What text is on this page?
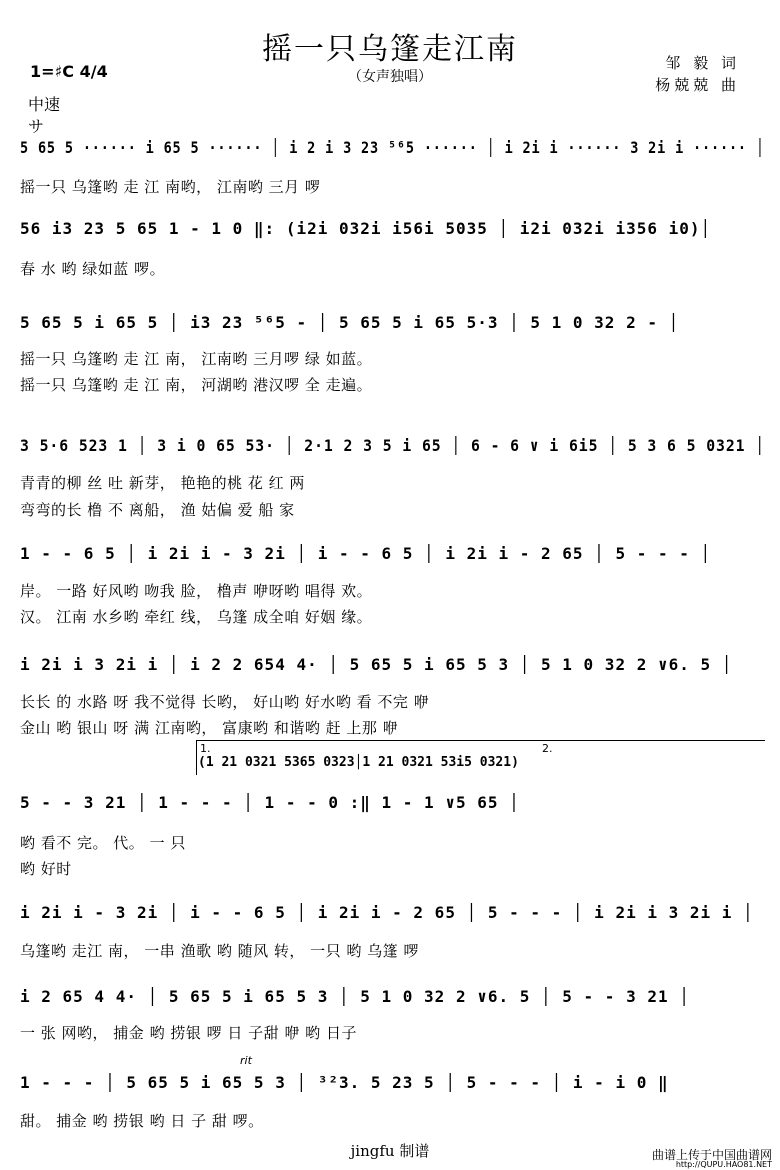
摇一只乌篷走江南
（女声独唱）
邹 毅 词
杨兢兢 曲
1=♯C 4/4
中速
サ
5 65 5 ······ i 65 5 ······ │ i 2 i 3 23 ⁵⁶5 ······ │ i 2i i ······ 3 2i i ······ │
摇一只 乌篷哟 走 江 南哟， 江南哟 三月 啰
56 i3 23 5 65 1 - 1 0 ‖: (i2i 032i i56i 5035 │ i2i 032i i356 i0)│
春 水 哟 绿如蓝 啰。
5 65 5 i 65 5 │ i3 23 ⁵⁶5 - │ 5 65 5 i 65 5·3 │ 5 1 0 32 2 - │
摇一只 乌篷哟 走 江 南， 江南哟 三月啰 绿 如蓝。
摇一只 乌篷哟 走 江 南， 河湖哟 港汉啰 全 走遍。
3 5·6 523 1 │ 3 i 0 65 53· │ 2·1 2 3 5 i 65 │ 6 - 6 ∨ i 6i5 │ 5 3 6 5 0321 │
青青的柳 丝 吐 新芽， 艳艳的桃 花 红 两
弯弯的长 橹 不 离船， 渔 姑偏 爱 船 家
1 - - 6 5 │ i 2i i - 3 2i │ i - - 6 5 │ i 2i i - 2 65 │ 5 - - - │
岸。 一路 好风哟 吻我 脸， 橹声 咿呀哟 唱得 欢。
汉。 江南 水乡哟 牵红 线， 乌篷 成全咱 好姻 缘。
i 2i i 3 2i i │ i 2 2 654 4· │ 5 65 5 i 65 5 3 │ 5 1 0 32 2 ∨6. 5 │
长长 的 水路 呀 我不觉得 长哟， 好山哟 好水哟 看 不完 咿
金山 哟 银山 呀 满 江南哟， 富康哟 和谐哟 赶 上那 咿
1.	2.
(1 21 0321 5365 0323│1 21 0321 53i5 0321)
5 - - 3 21 │ 1 - - - │ 1 - - 0 :‖ 1 - 1 ∨5 65 │
哟 看不 完。 代。 一 只
哟 好时
i 2i i - 3 2i │ i - - 6 5 │ i 2i i - 2 65 │ 5 - - - │ i 2i i 3 2i i │
乌篷哟 走江 南， 一串 渔歌 哟 随风 转， 一只 哟 乌篷 啰
i 2 65 4 4· │ 5 65 5 i 65 5 3 │ 5 1 0 32 2 ∨6. 5 │ 5 - - 3 21 │
一 张 网哟， 捕金 哟 捞银 啰 日 子甜 咿 哟 日子
rit
1 - - - │ 5 65 5 i 65 5 3 │ ³²3. 5 23 5 │ 5 - - - │ i - i 0 ‖
甜。 捕金 哟 捞银 哟 日 子 甜 啰。
jingfu 制谱	曲谱上传于中国曲谱网
http://QUPU.HAO81.NET
